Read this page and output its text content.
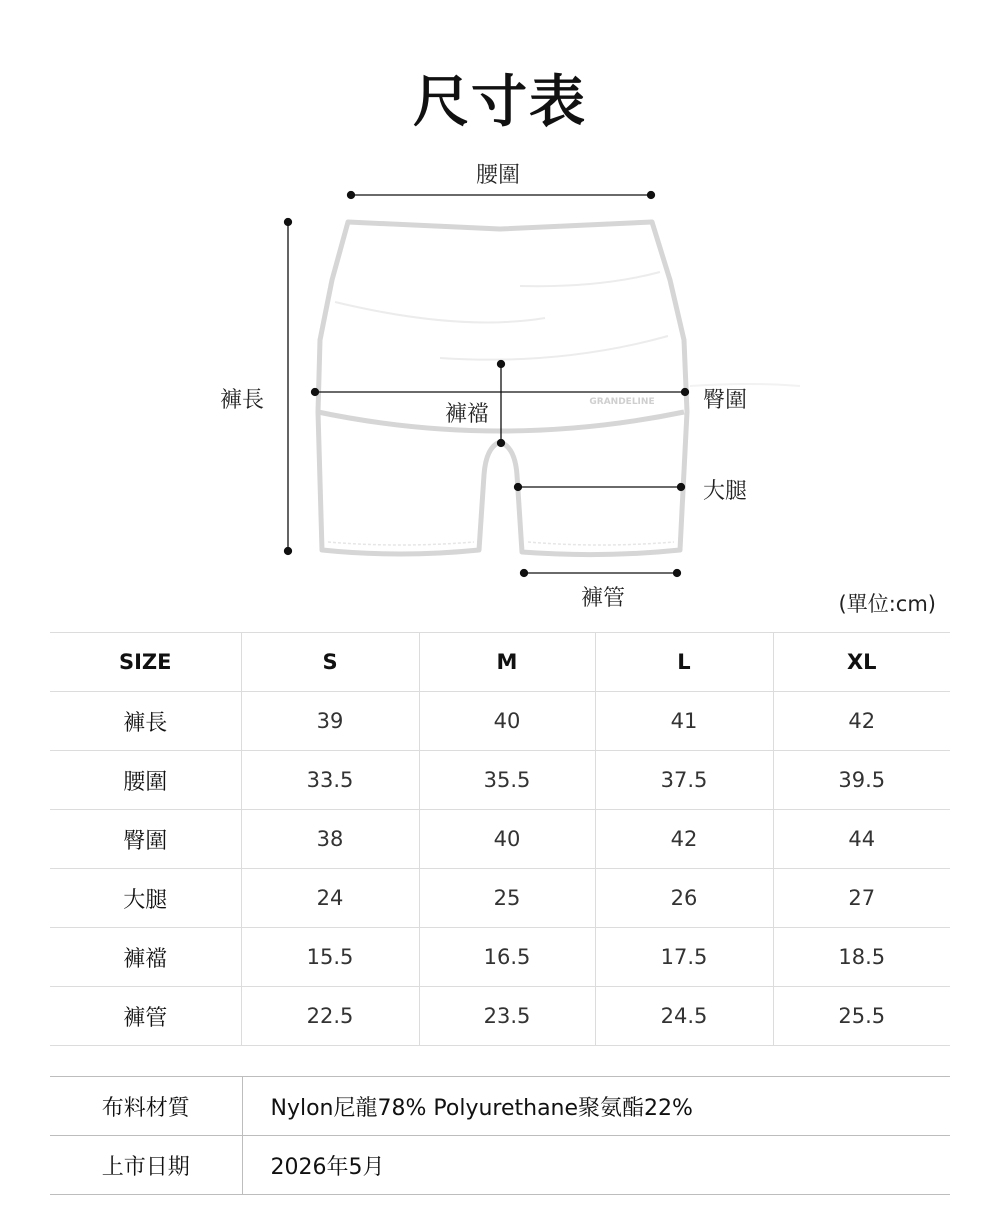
尺寸表
GRANDELINE
腰圍
褲長
褲襠
臀圍
大腿
褲管	(單位:cm)
SIZE	S	M	L	XL
褲長	39	40	41	42
腰圍	33.5	35.5	37.5	39.5
臀圍	38	40	42	44
大腿	24	25	26	27
褲襠	15.5	16.5	17.5	18.5
褲管	22.5	23.5	24.5	25.5
布料材質	Nylon尼龍78% Polyurethane聚氨酯22%
上市日期	2026年5月
